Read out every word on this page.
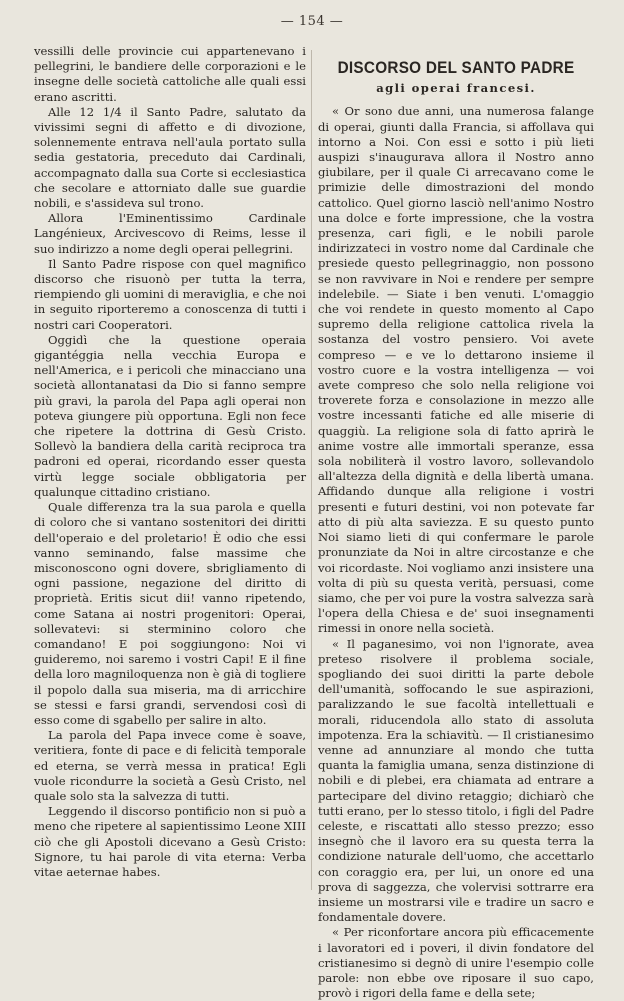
— 154 —

vessilli delle provincie cui appartenevano i pellegrini, le bandiere delle corporazioni e le insegne delle società cattoliche alle quali essi erano ascritti.

Alle 12 1/4 il Santo Padre, salutato da vivissimi segni di affetto e di divozione, solennemente entrava nell'aula portato sulla sedia gestatoria, preceduto dai Cardinali, accompagnato dalla sua Corte si ecclesiastica che secolare e attorniato dalle sue guardie nobili, e s'assideva sul trono.

Allora l'Eminentissimo Cardinale Langénieux, Arcivescovo di Reims, lesse il suo indirizzo a nome degli operai pellegrini.

Il Santo Padre rispose con quel magnifico discorso che risuonò per tutta la terra, riempiendo gli uomini di meraviglia, e che noi in seguito riporteremo a conoscenza di tutti i nostri cari Cooperatori.

Oggidì che la questione operaia gigantéggia nella vecchia Europa e nell'America, e i pericoli che minacciano una società allontanatasi da Dio si fanno sempre più gravi, la parola del Papa agli operai non poteva giungere più opportuna. Egli non fece che ripetere la dottrina di Gesù Cristo. Sollevò la bandiera della carità reciproca tra padroni ed operai, ricordando esser questa virtù legge sociale obbligatoria per qualunque cittadino cristiano.

Quale differenza tra la sua parola e quella di coloro che si vantano sostenitori dei diritti dell'operaio e del proletario! È odio che essi vanno seminando, false massime che misconoscono ogni dovere, sbrigliamento di ogni passione, negazione del diritto di proprietà. Eritis sicut dii! vanno ripetendo, come Satana ai nostri progenitori: Operai, sollevatevi: si sterminino coloro che comandano! E poi soggiungono: Noi vi guideremo, noi saremo i vostri Capi! E il fine della loro magniloquenza non è già di togliere il popolo dalla sua miseria, ma di arricchire se stessi e farsi grandi, servendosi così di esso come di sgabello per salire in alto.

La parola del Papa invece come è soave, veritiera, fonte di pace e di felicità temporale ed eterna, se verrà messa in pratica! Egli vuole ricondurre la società a Gesù Cristo, nel quale solo sta la salvezza di tutti.

Leggendo il discorso pontificio non si può a meno che ripetere al sapientissimo Leone XIII ciò che gli Apostoli dicevano a Gesù Cristo: Signore, tu hai parole di vita eterna: Verba vitae aeternae habes.

DISCORSO DEL SANTO PADRE
agli operai francesi.

« Or sono due anni, una numerosa falange di operai, giunti dalla Francia, si affollava qui intorno a Noi. Con essi e sotto i più lieti auspizi s'inaugurava allora il Nostro anno giubilare, per il quale Ci arrecavano come le primizie delle dimostrazioni del mondo cattolico. Quel giorno lasciò nell'animo Nostro una dolce e forte impressione, che la vostra presenza, cari figli, e le nobili parole indirizzateci in vostro nome dal Cardinale che presiede questo pellegrinaggio, non possono se non ravvivare in Noi e rendere per sempre indelebile. — Siate i ben venuti. L'omaggio che voi rendete in questo momento al Capo supremo della religione cattolica rivela la sostanza del vostro pensiero. Voi avete compreso — e ve lo dettarono insieme il vostro cuore e la vostra intelligenza — voi avete compreso che solo nella religione voi troverete forza e consolazione in mezzo alle vostre incessanti fatiche ed alle miserie di quaggiù. La religione sola di fatto aprirà le anime vostre alle immortali speranze, essa sola nobiliterà il vostro lavoro, sollevandolo all'altezza della dignità e della libertà umana. Affidando dunque alla religione i vostri presenti e futuri destini, voi non potevate far atto di più alta saviezza. E su questo punto Noi siamo lieti di qui confermare le parole pronunziate da Noi in altre circostanze e che voi ricordaste. Noi vogliamo anzi insistere una volta di più su questa verità, persuasi, come siamo, che per voi pure la vostra salvezza sarà l'opera della Chiesa e de' suoi insegnamenti rimessi in onore nella società.

« Il paganesimo, voi non l'ignorate, avea preteso risolvere il problema sociale, spogliando dei suoi diritti la parte debole dell'umanità, soffocando le sue aspirazioni, paralizzando le sue facoltà intellettuali e morali, riducendola allo stato di assoluta impotenza. Era la schiavitù. — Il cristianesimo venne ad annunziare al mondo che tutta quanta la famiglia umana, senza distinzione di nobili e di plebei, era chiamata ad entrare a partecipare del divino retaggio; dichiarò che tutti erano, per lo stesso titolo, i figli del Padre celeste, e riscattati allo stesso prezzo; esso insegnò che il lavoro era su questa terra la condizione naturale dell'uomo, che accettarlo con coraggio era, per lui, un onore ed una prova di saggezza, che volervisi sottrarre era insieme un mostrarsi vile e tradire un sacro e fondamentale dovere.

« Per riconfortare ancora più efficacemente i lavoratori ed i poveri, il divin fondatore del cristianesimo si degnò di unire l'esempio colle parole: non ebbe ove riposare il suo capo, provò i rigori della fame e della sete;
